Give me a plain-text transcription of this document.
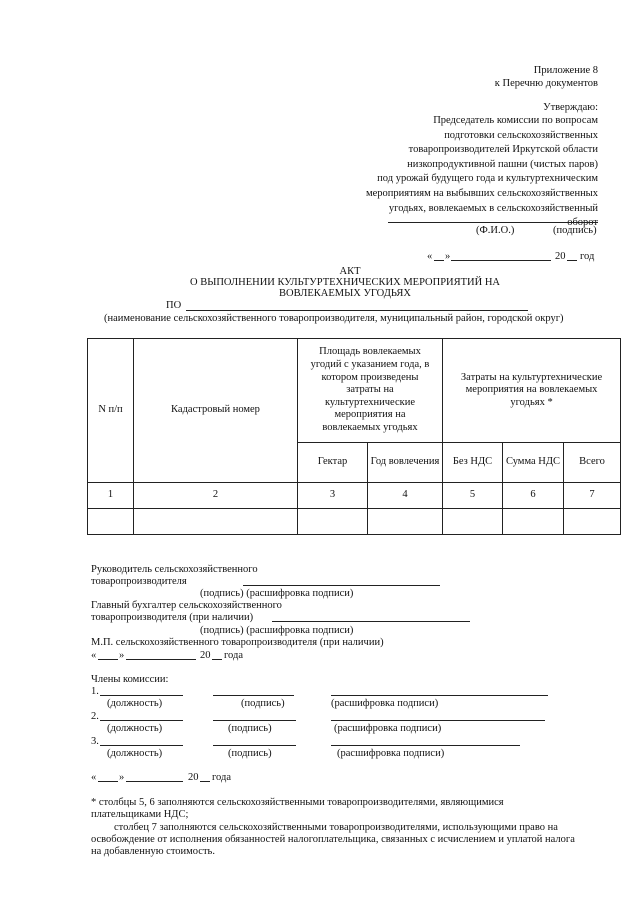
Приложение 8
к Перечню документов
Утверждаю:
Председатель комиссии по вопросам
подготовки сельскохозяйственных
товаропроизводителей Иркутской области
низкопродуктивной пашни (чистых паров)
под урожай будущего года и культуртехническим
мероприятиям на выбывших сельскохозяйственных
угодьях, вовлекаемых в сельскохозяйственный
оборот
(Ф.И.О.)	(подпись)
« »	20 год
АКТ
О ВЫПОЛНЕНИИ КУЛЬТУРТЕХНИЧЕСКИХ МЕРОПРИЯТИЙ НА
ВОВЛЕКАЕМЫХ УГОДЬЯХ
ПО
(наименование сельскохозяйственного товаропроизводителя, муниципальный район, городской округ)
N п/п	Кадастровый номер	Площадь вовлекаемых угодий с указанием года, в котором произведены затраты на культуртехнические мероприятия на вовлекаемых угодьях		Затраты на культуртехнические мероприятия на вовлекаемых угодьях *		
		Гектар	Год вовлечения	Без НДС	Сумма НДС	Всего
1	2	3	4	5	6	7

Руководитель сельскохозяйственного
товаропроизводителя
(подпись) (расшифровка подписи)
Главный бухгалтер сельскохозяйственного
товаропроизводителя (при наличии)
(подпись) (расшифровка подписи)
М.П. сельскохозяйственного товаропроизводителя (при наличии)
« »	20 года
Члены комиссии:
1.
(должность)	(подпись)	(расшифровка подписи)
2.
(должность)	(подпись)	(расшифровка подписи)
3.
(должность)	(подпись)	(расшифровка подписи)
« »	20 года
* столбцы 5, 6 заполняются сельскохозяйственными товаропроизводителями, являющимися
плательщиками НДС;
столбец 7 заполняются сельскохозяйственными товаропроизводителями, использующими право на
освобождение от исполнения обязанностей налогоплательщика, связанных с исчислением и уплатой налога
на добавленную стоимость.
